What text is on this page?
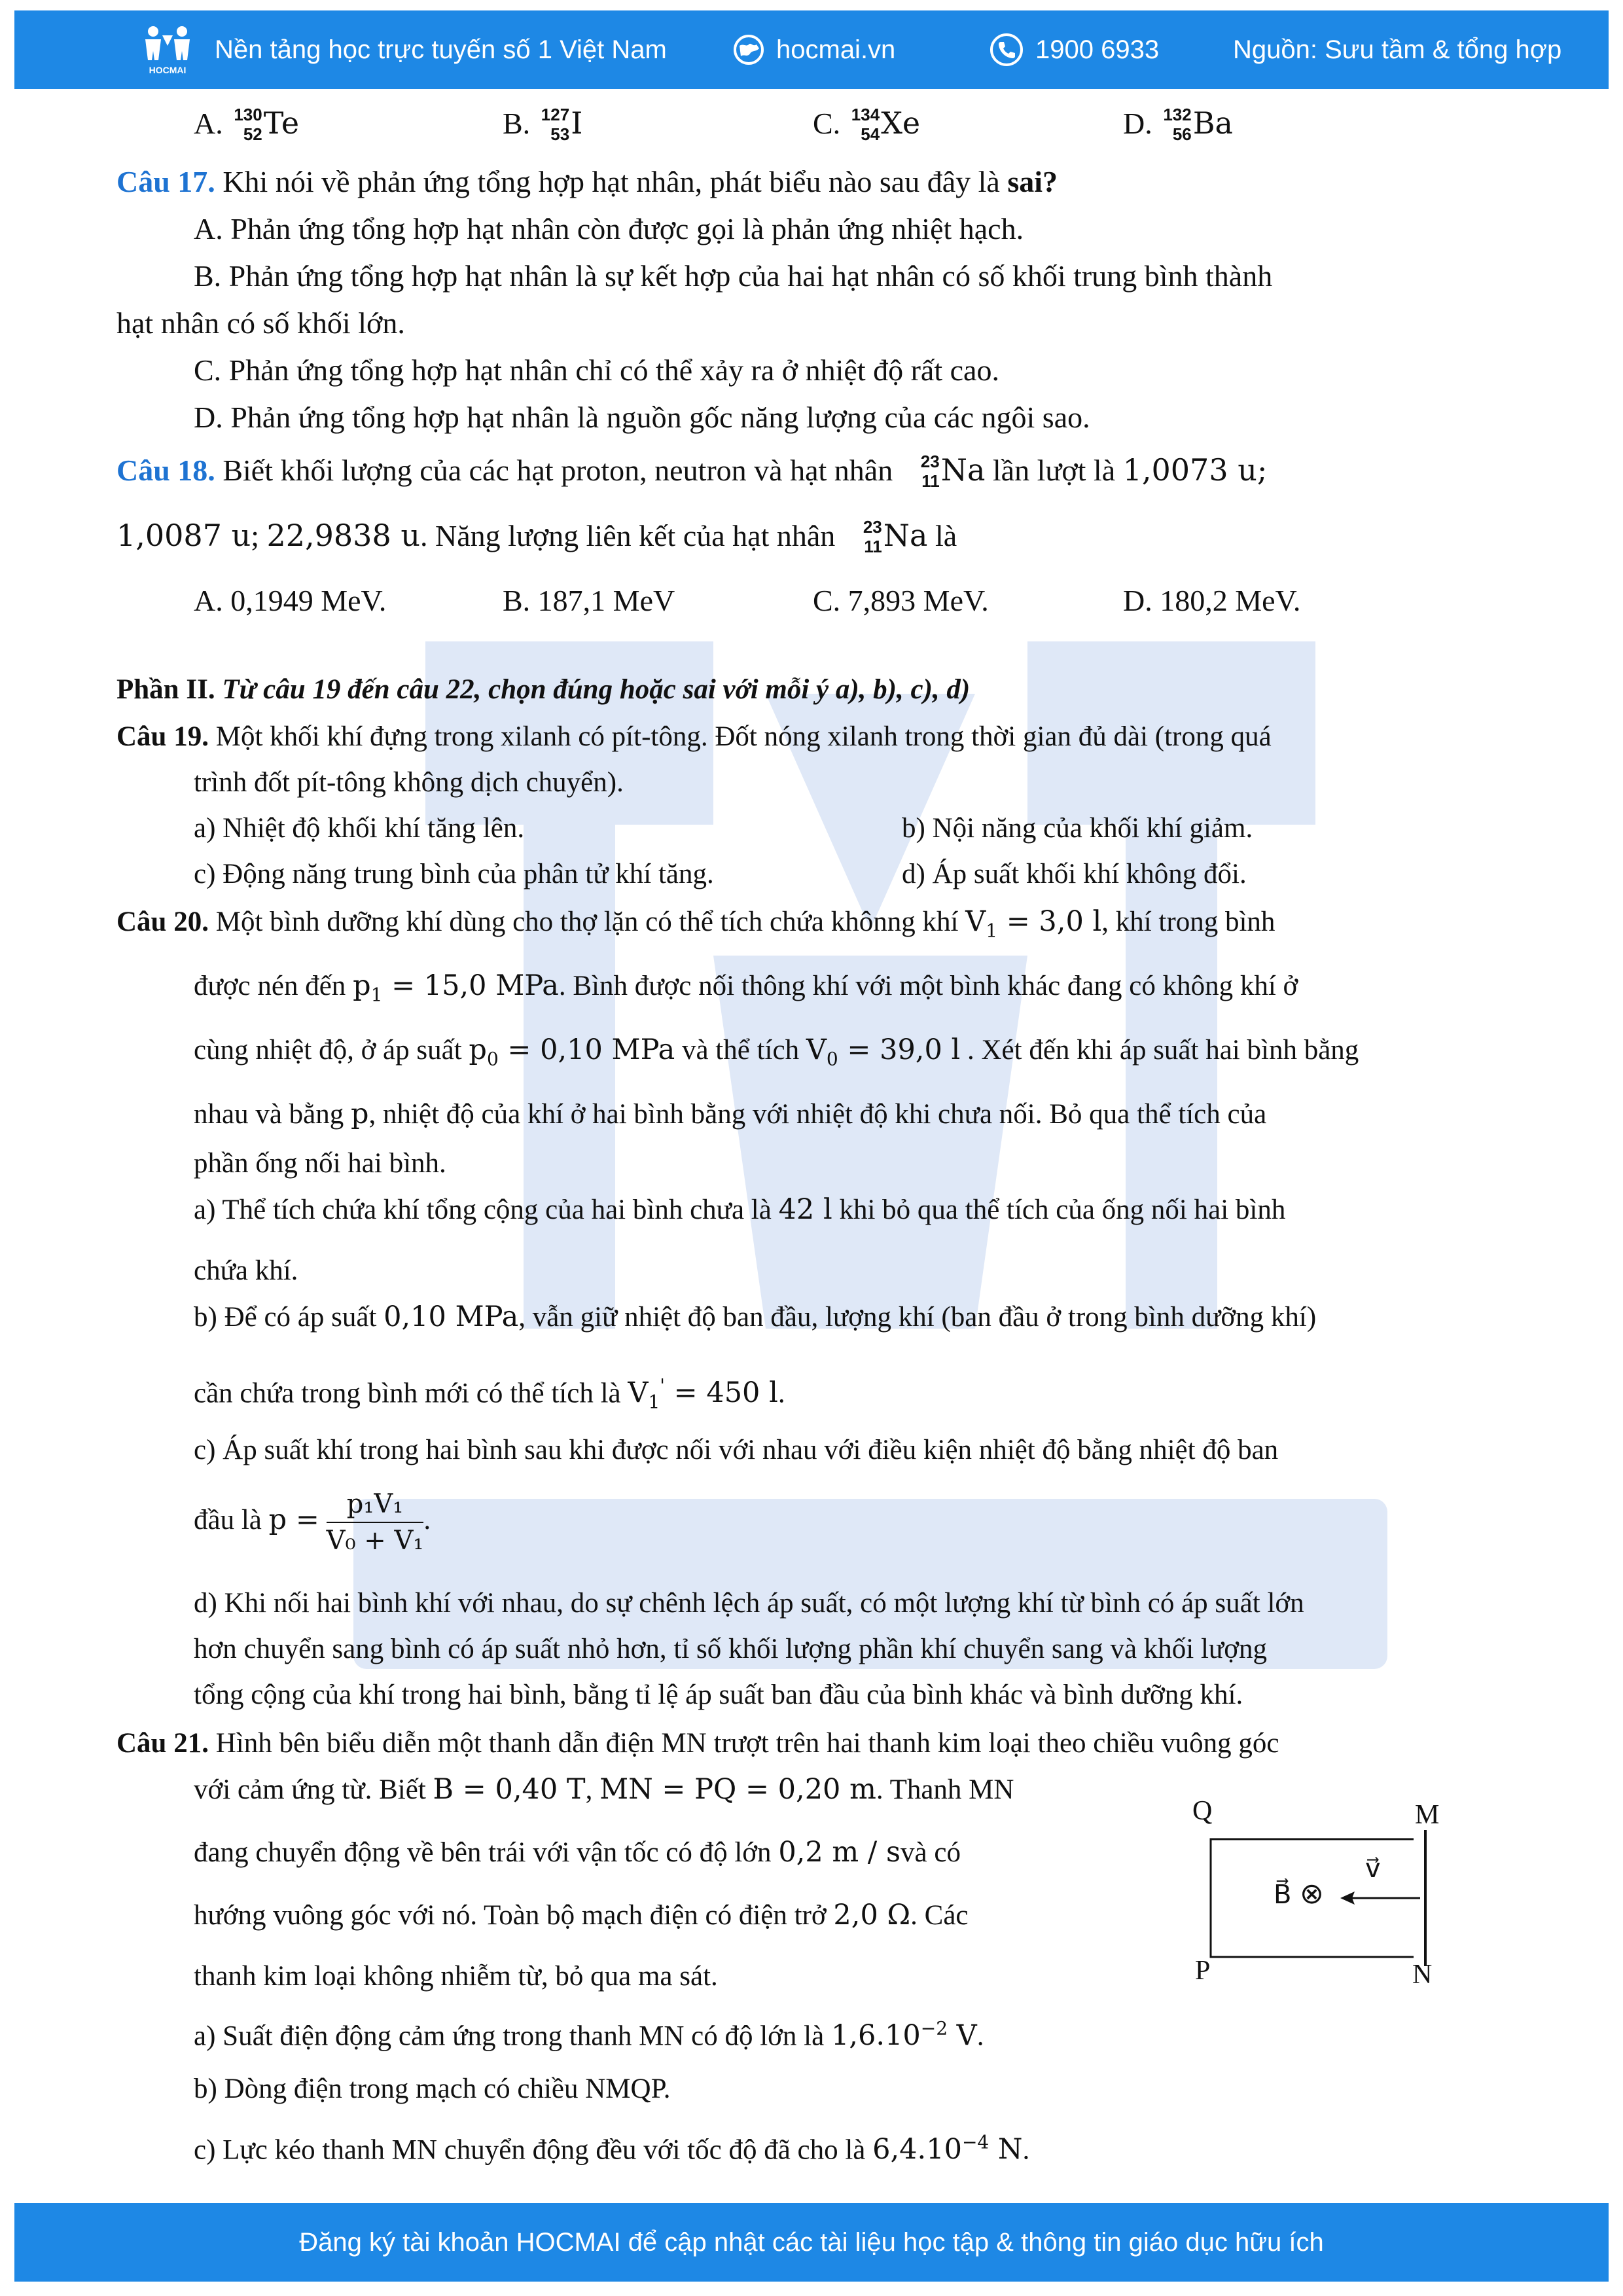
HOCMAI
Nền tảng học trực tuyến số 1 Việt Nam	hocmai.vn	1900 6933	Nguồn: Sưu tầm & tổng hợp
A. 130
52 Te	B. 127
53 I	C. 134
54 Xe	D. 132
56 Ba
Câu 17. Khi nói về phản ứng tổng hợp hạt nhân, phát biểu nào sau đây là sai?
A. Phản ứng tổng hợp hạt nhân còn được gọi là phản ứng nhiệt hạch.
B. Phản ứng tổng hợp hạt nhân là sự kết hợp của hai hạt nhân có số khối trung bình thành
hạt nhân có số khối lớn.
C. Phản ứng tổng hợp hạt nhân chỉ có thể xảy ra ở nhiệt độ rất cao.
D. Phản ứng tổng hợp hạt nhân là nguồn gốc năng lượng của các ngôi sao.
Câu 18. Biết khối lượng của các hạt proton, neutron và hạt nhân 23
11 Na lần lượt là 1,0073 u;
1,0087 u; 22,9838 u. Năng lượng liên kết của hạt nhân 23
11 Na là
A. 0,1949 MeV.	B. 187,1 MeV	C. 7,893 MeV.	D. 180,2 MeV.
Phần II. Từ câu 19 đến câu 22, chọn đúng hoặc sai với mỗi ý a), b), c), d)
Câu 19. Một khối khí đựng trong xilanh có pít-tông. Đốt nóng xilanh trong thời gian đủ dài (trong quá
trình đốt pít-tông không dịch chuyển).
a) Nhiệt độ khối khí tăng lên.	b) Nội năng của khối khí giảm.
c) Động năng trung bình của phân tử khí tăng.	d) Áp suất khối khí không đổi.
Câu 20. Một bình dưỡng khí dùng cho thợ lặn có thể tích chứa khônng khí $V_1 = 3,0$ l, khí trong bình
được nén đến $p_1 = 15,0$ MPa. Bình được nối thông khí với một bình khác đang có không khí ở
cùng nhiệt độ, ở áp suất $p_0 = 0,10$ MPa và thể tích $V_0 = 39,0$ l . Xét đến khi áp suất hai bình bằng
nhau và bằng p, nhiệt độ của khí ở hai bình bằng với nhiệt độ khi chưa nối. Bỏ qua thể tích của
phần ống nối hai bình.
a) Thể tích chứa khí tổng cộng của hai bình chưa là 42 l khi bỏ qua thể tích của ống nối hai bình
chứa khí.
b) Để có áp suất 0,10 MPa, vẫn giữ nhiệt độ ban đầu, lượng khí (ban đầu ở trong bình dưỡng khí)
cần chứa trong bình mới có thể tích là $V_1' = 450$ l.
c) Áp suất khí trong hai bình sau khi được nối với nhau với điều kiện nhiệt độ bằng nhiệt độ ban
đầu là $p = \frac{\text{p₁V₁}}{\text{V₀ + V₁}}$ .
d) Khi nối hai bình khí với nhau, do sự chênh lệch áp suất, có một lượng khí từ bình có áp suất lớn
hơn chuyển sang bình có áp suất nhỏ hơn, tỉ số khối lượng phần khí chuyển sang và khối lượng
tổng cộng của khí trong hai bình, bằng tỉ lệ áp suất ban đầu của bình khác và bình dưỡng khí.
Câu 21. Hình bên biểu diễn một thanh dẫn điện MN trượt trên hai thanh kim loại theo chiều vuông góc
với cảm ứng từ. Biết B = 0,40 T, MN = PQ = 0,20 m. Thanh MN
đang chuyển động về bên trái với vận tốc có độ lớn 0,2 m / svà có
hướng vuông góc với nó. Toàn bộ mạch điện có điện trở 2,0 Ω. Các
thanh kim loại không nhiễm từ, bỏ qua ma sát.
a) Suất điện động cảm ứng trong thanh MN có độ lớn là $1,6.10^{-2}$ V.
b) Dòng điện trong mạch có chiều NMQP.
c) Lực kéo thanh MN chuyển động đều với tốc độ đã cho là $6,4.10^{-4}$ N.
Q	M
P	N
B⃗ ⊗
v⃗
Đăng ký tài khoản HOCMAI để cập nhật các tài liệu học tập & thông tin giáo dục hữu ích
